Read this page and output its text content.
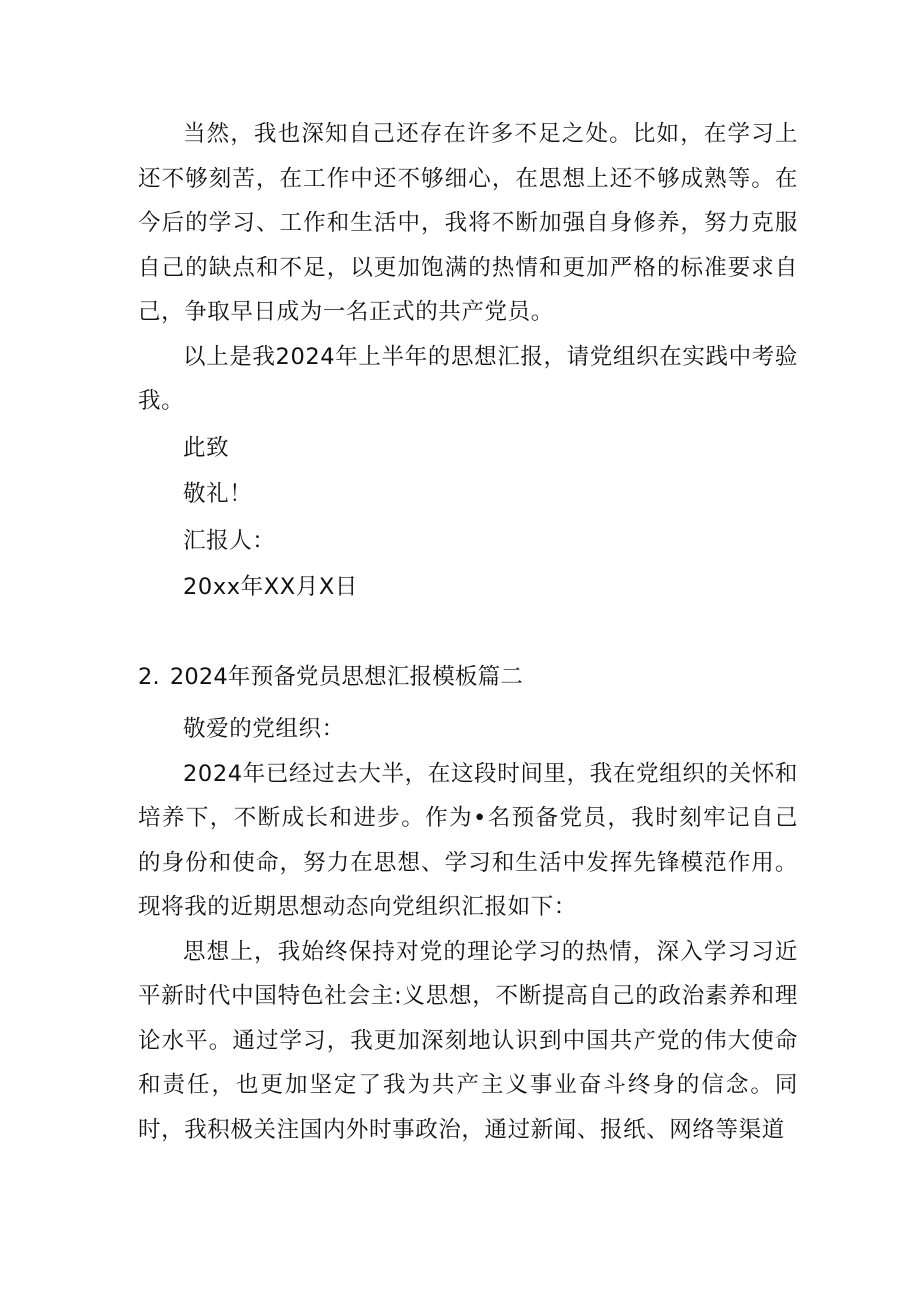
当然，我也深知自己还存在许多不足之处。比如，在学习上还不够刻苦，在工作中还不够细心，在思想上还不够成熟等。在今后的学习、工作和生活中，我将不断加强自身修养，努力克服自己的缺点和不足，以更加饱满的热情和更加严格的标准要求自己，争取早日成为一名正式的共产党员。

以上是我2024年上半年的思想汇报，请党组织在实践中考验我。

此致

敬礼！

汇报人：

20xx年XX月X日

2. 2024年预备党员思想汇报模板篇二

敬爱的党组织：

2024年已经过去大半，在这段时间里，我在党组织的关怀和培养下，不断成长和进步。作为•名预备党员，我时刻牢记自己的身份和使命，努力在思想、学习和生活中发挥先锋模范作用。现将我的近期思想动态向党组织汇报如下：

思想上，我始终保持对党的理论学习的热情，深入学习习近平新时代中国特色社会主:义思想，不断提高自己的政治素养和理论水平。通过学习，我更加深刻地认识到中国共产党的伟大使命和责任，也更加坚定了我为共产主义事业奋斗终身的信念。同时，我积极关注国内外时事政治，通过新闻、报纸、网络等渠道
